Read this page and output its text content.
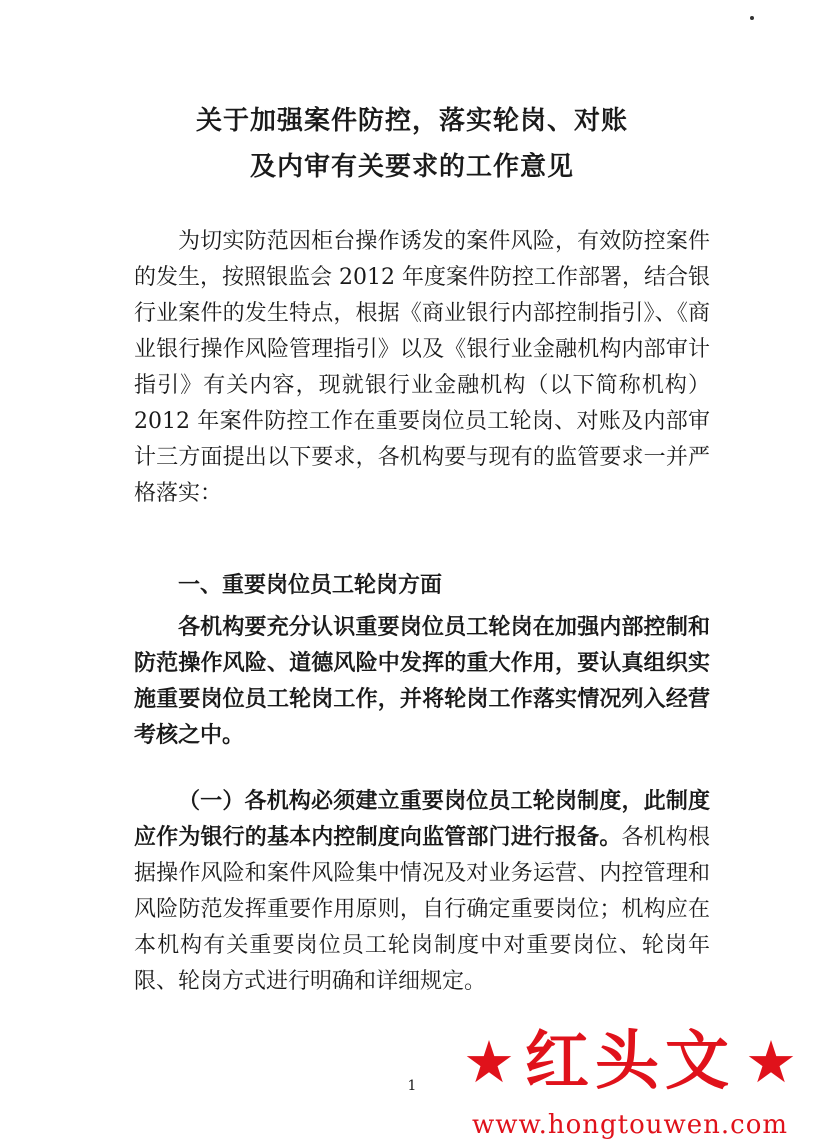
关于加强案件防控，落实轮岗、对账
及内审有关要求的工作意见
为切实防范因柜台操作诱发的案件风险，有效防控案件的发生，按照银监会 2012 年度案件防控工作部署，结合银行业案件的发生特点，根据《商业银行内部控制指引》、《商业银行操作风险管理指引》以及《银行业金融机构内部审计指引》有关内容，现就银行业金融机构（以下简称机构）2012 年案件防控工作在重要岗位员工轮岗、对账及内部审计三方面提出以下要求，各机构要与现有的监管要求一并严格落实：
一、重要岗位员工轮岗方面
各机构要充分认识重要岗位员工轮岗在加强内部控制和防范操作风险、道德风险中发挥的重大作用，要认真组织实施重要岗位员工轮岗工作，并将轮岗工作落实情况列入经营考核之中。
（一）各机构必须建立重要岗位员工轮岗制度，此制度应作为银行的基本内控制度向监管部门进行报备。各机构根据操作风险和案件风险集中情况及对业务运营、内控管理和风险防范发挥重要作用原则，自行确定重要岗位；机构应在本机构有关重要岗位员工轮岗制度中对重要岗位、轮岗年限、轮岗方式进行明确和详细规定。
1 ★ 红头文 ★
www.hongtouwen.com
